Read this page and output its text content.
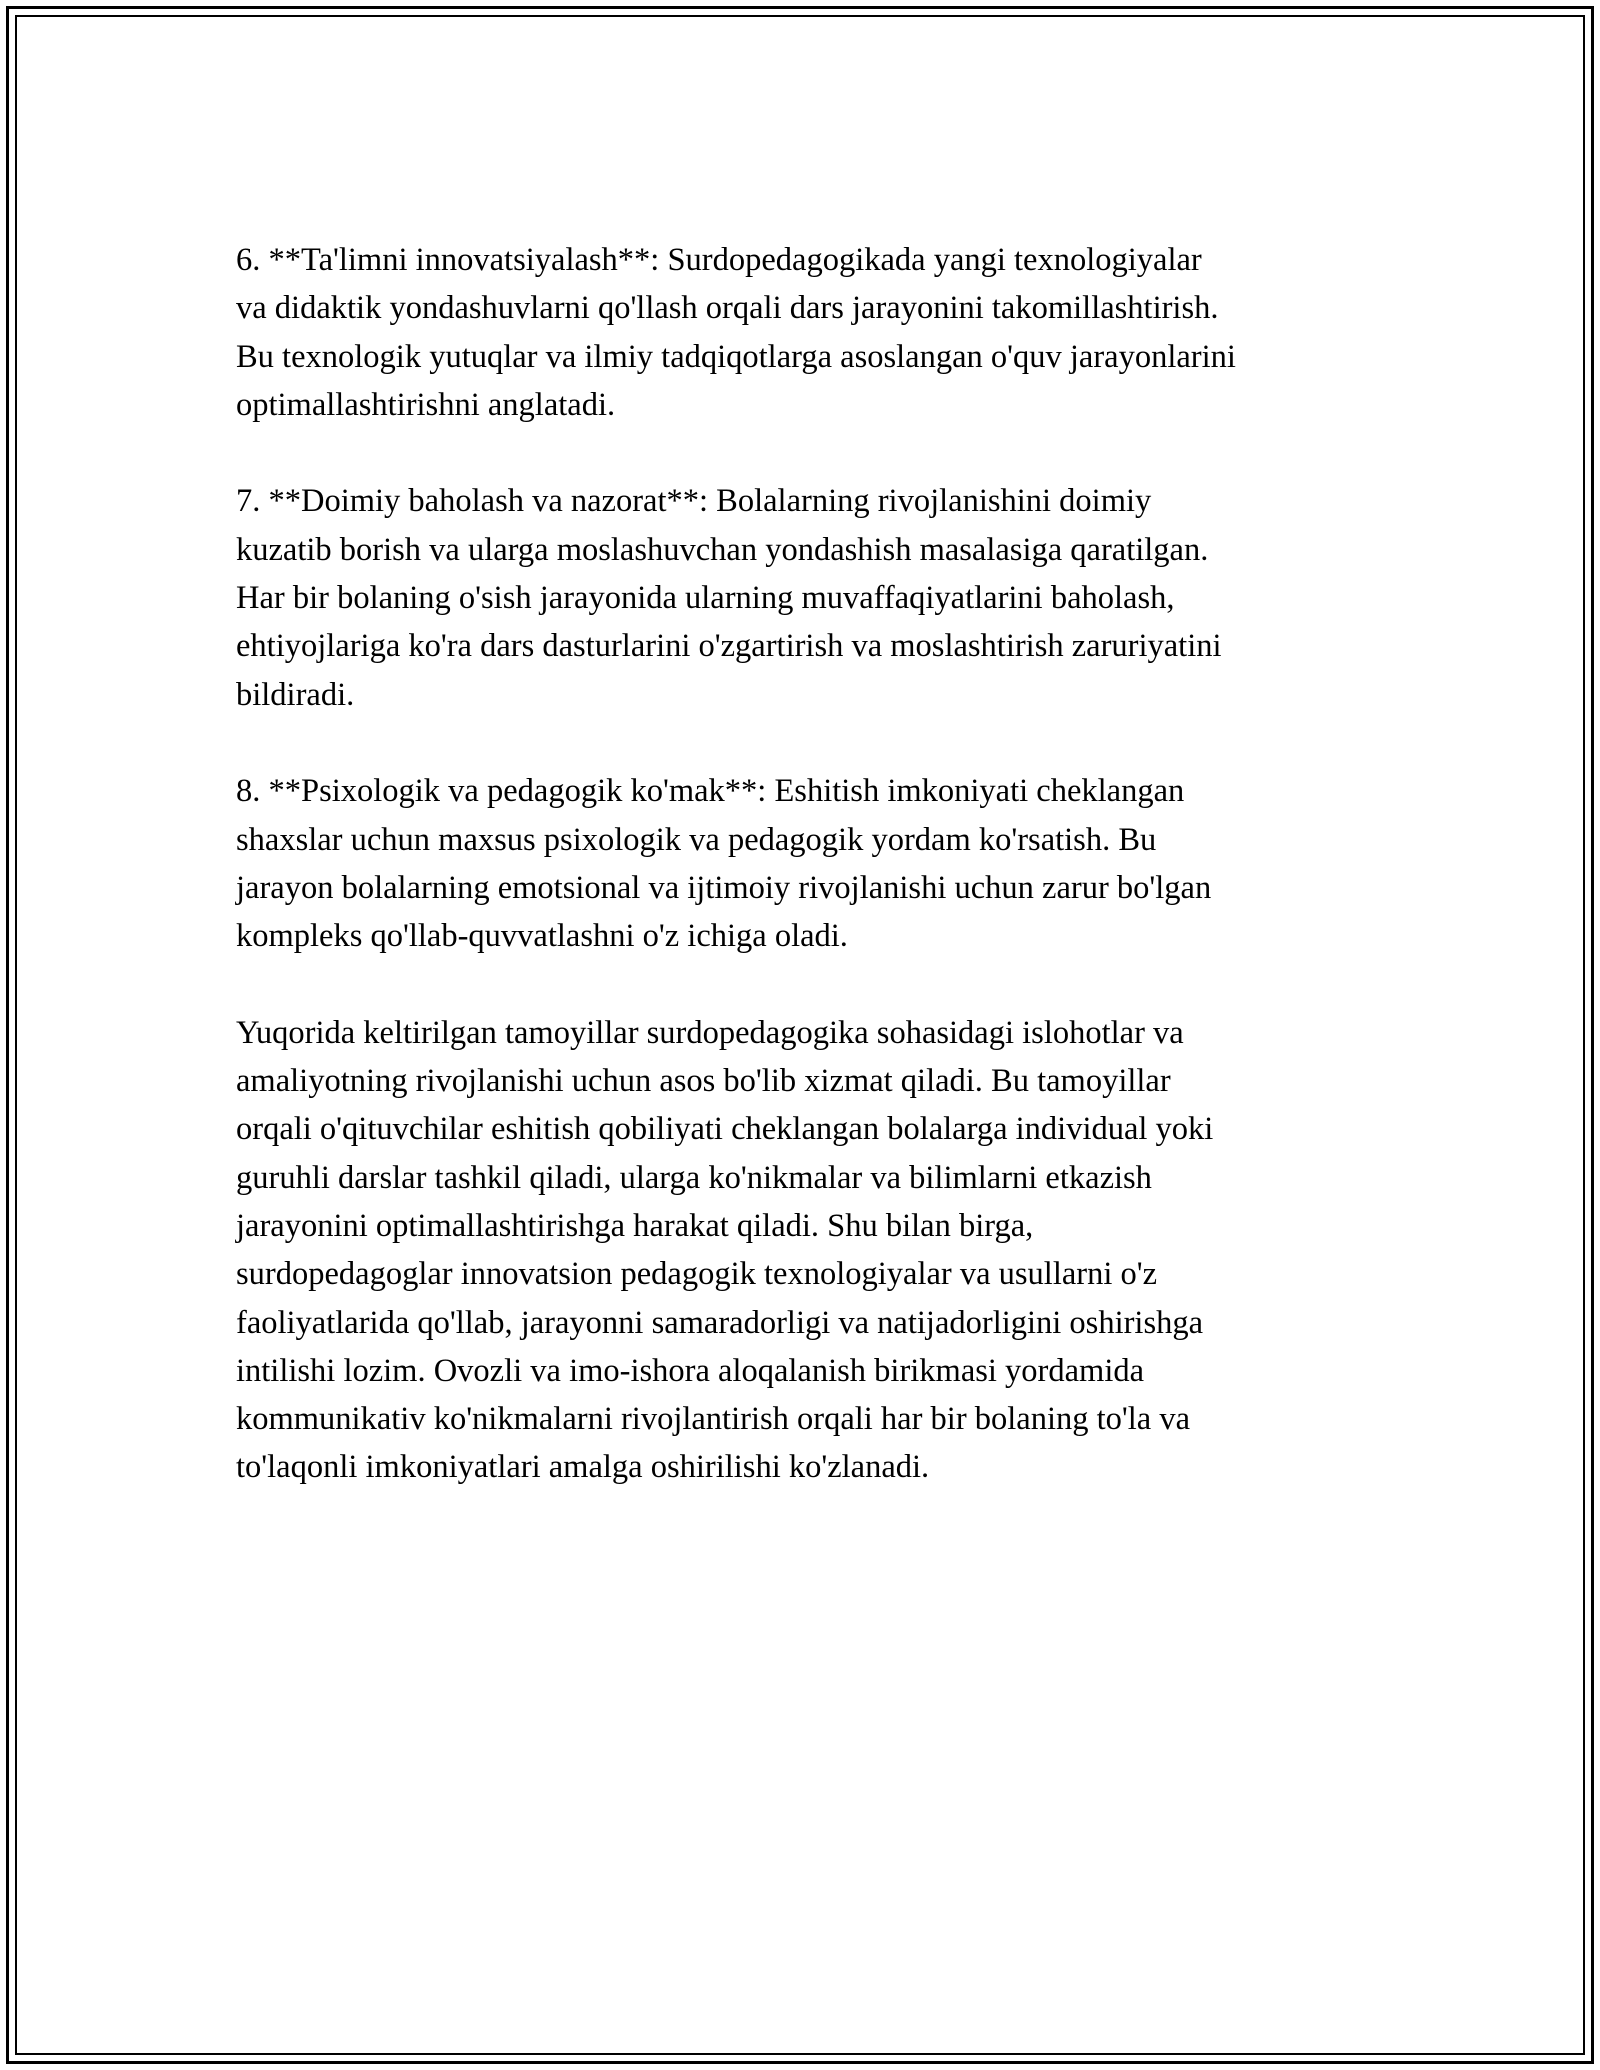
6. **Ta'limni innovatsiyalash**: Surdopedagogikada yangi texnologiyalar
va didaktik yondashuvlarni qo'llash orqali dars jarayonini takomillashtirish.
Bu texnologik yutuqlar va ilmiy tadqiqotlarga asoslangan o'quv jarayonlarini
optimallashtirishni anglatadi.

7. **Doimiy baholash va nazorat**: Bolalarning rivojlanishini doimiy
kuzatib borish va ularga moslashuvchan yondashish masalasiga qaratilgan.
Har bir bolaning o'sish jarayonida ularning muvaffaqiyatlarini baholash,
ehtiyojlariga ko'ra dars dasturlarini o'zgartirish va moslashtirish zaruriyatini
bildiradi.

8. **Psixologik va pedagogik ko'mak**: Eshitish imkoniyati cheklangan
shaxslar uchun maxsus psixologik va pedagogik yordam ko'rsatish. Bu
jarayon bolalarning emotsional va ijtimoiy rivojlanishi uchun zarur bo'lgan
kompleks qo'llab-quvvatlashni o'z ichiga oladi.

Yuqorida keltirilgan tamoyillar surdopedagogika sohasidagi islohotlar va
amaliyotning rivojlanishi uchun asos bo'lib xizmat qiladi. Bu tamoyillar
orqali o'qituvchilar eshitish qobiliyati cheklangan bolalarga individual yoki
guruhli darslar tashkil qiladi, ularga ko'nikmalar va bilimlarni etkazish
jarayonini optimallashtirishga harakat qiladi. Shu bilan birga,
surdopedagoglar innovatsion pedagogik texnologiyalar va usullarni o'z
faoliyatlarida qo'llab, jarayonni samaradorligi va natijadorligini oshirishga
intilishi lozim. Ovozli va imo-ishora aloqalanish birikmasi yordamida
kommunikativ ko'nikmalarni rivojlantirish orqali har bir bolaning to'la va
to'laqonli imkoniyatlari amalga oshirilishi ko'zlanadi.
